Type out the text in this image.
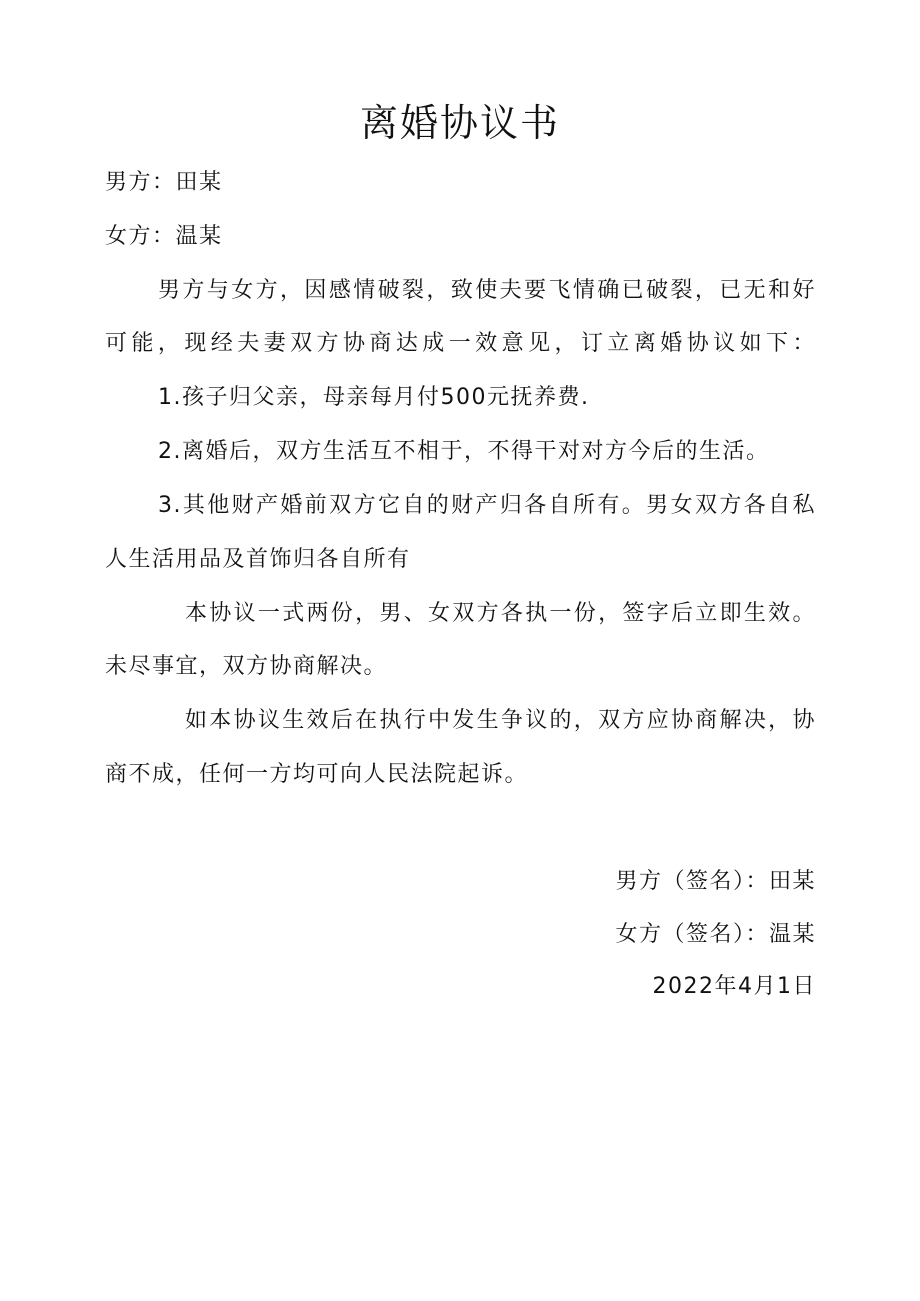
离婚协议书
男方：田某
女方：温某
男方与女方，因感情破裂，致使夫要飞情确已破裂，已无和好
可能，现经夫妻双方协商达成一效意见，订立离婚协议如下：
1.孩子归父亲，母亲每月付500元抚养费.
2.离婚后，双方生活互不相于，不得干对对方今后的生活。
3.其他财产婚前双方它自的财产归各自所有。男女双方各自私
人生活用品及首饰归各自所有
本协议一式两份，男、女双方各执一份，签字后立即生效。
未尽事宜，双方协商解决。
如本协议生效后在执行中发生争议的，双方应协商解决，协
商不成，任何一方均可向人民法院起诉。
男方（签名）：田某
女方（签名）：温某
2022年4月1日
